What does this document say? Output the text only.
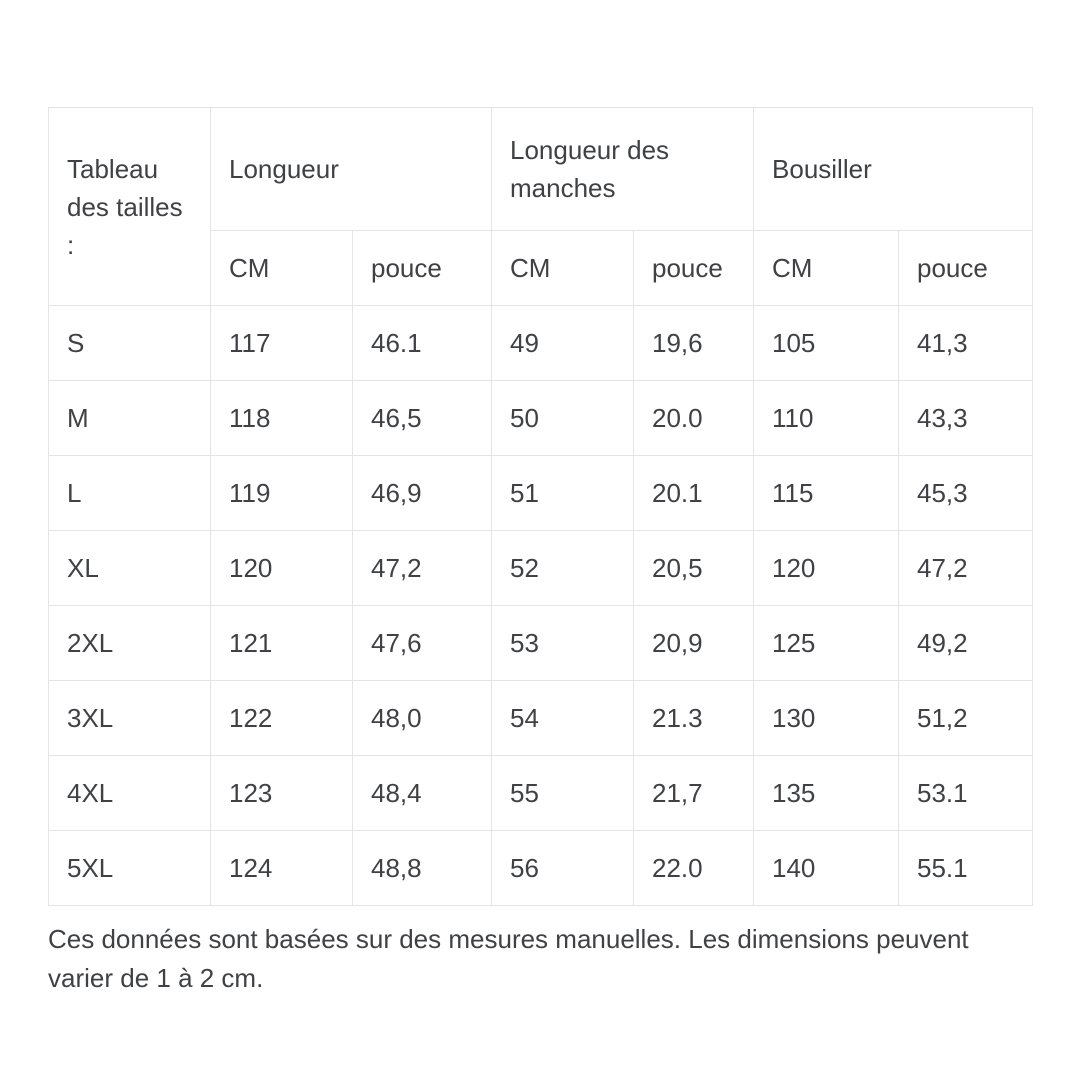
Tableau des tailles :	Longueur		Longueur des manches		Bousiller	
	CM	pouce	CM	pouce	CM	pouce
S	117	46.1	49	19,6	105	41,3
M	118	46,5	50	20.0	110	43,3
L	119	46,9	51	20.1	115	45,3
XL	120	47,2	52	20,5	120	47,2
2XL	121	47,6	53	20,9	125	49,2
3XL	122	48,0	54	21.3	130	51,2
4XL	123	48,4	55	21,7	135	53.1
5XL	124	48,8	56	22.0	140	55.1

Ces données sont basées sur des mesures manuelles. Les dimensions peuvent varier de 1 à 2 cm.
